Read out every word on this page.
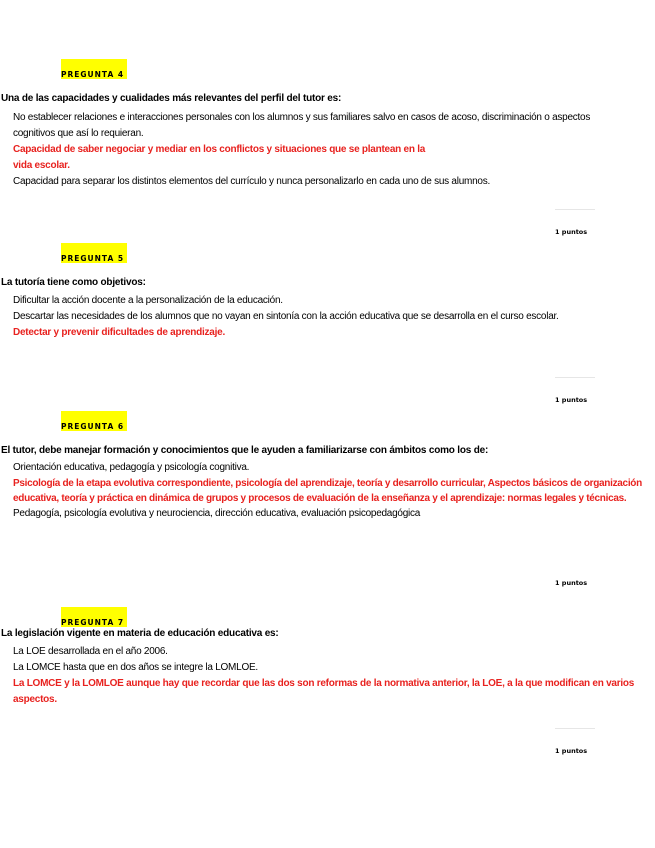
PREGUNTA 4
Una de las capacidades y cualidades más relevantes del perfil del tutor es:

No establecer relaciones e interacciones personales con los alumnos y sus familiares salvo en casos de acoso, discriminación o aspectos cognitivos que así lo requieran.

Capacidad de saber negociar y mediar en los conflictos y situaciones que se plantean en la vida escolar.

Capacidad para separar los distintos elementos del currículo y nunca personalizarlo en cada uno de sus alumnos.

1 puntos
PREGUNTA 5
La tutoría tiene como objetivos:

Dificultar la acción docente a la personalización de la educación.

Descartar las necesidades de los alumnos que no vayan en sintonía con la acción educativa que se desarrolla en el curso escolar.

Detectar y prevenir dificultades de aprendizaje.

1 puntos
PREGUNTA 6
El tutor, debe manejar formación y conocimientos que le ayuden a familiarizarse con ámbitos como los de:

Orientación educativa, pedagogía y psicología cognitiva.

Psicología de la etapa evolutiva correspondiente, psicología del aprendizaje, teoría y desarrollo curricular, Aspectos básicos de organización educativa, teoría y práctica en dinámica de grupos y procesos de evaluación de la enseñanza y el aprendizaje: normas legales y técnicas.

Pedagogía, psicología evolutiva y neurociencia, dirección educativa, evaluación psicopedagógica

1 puntos
PREGUNTA 7
La legislación vigente en materia de educación educativa es:

La LOE desarrollada en el año 2006.

La LOMCE hasta que en dos años se integre la LOMLOE.

La LOMCE y la LOMLOE aunque hay que recordar que las dos son reformas de la normativa anterior, la LOE, a la que modifican en varios aspectos.

1 puntos
